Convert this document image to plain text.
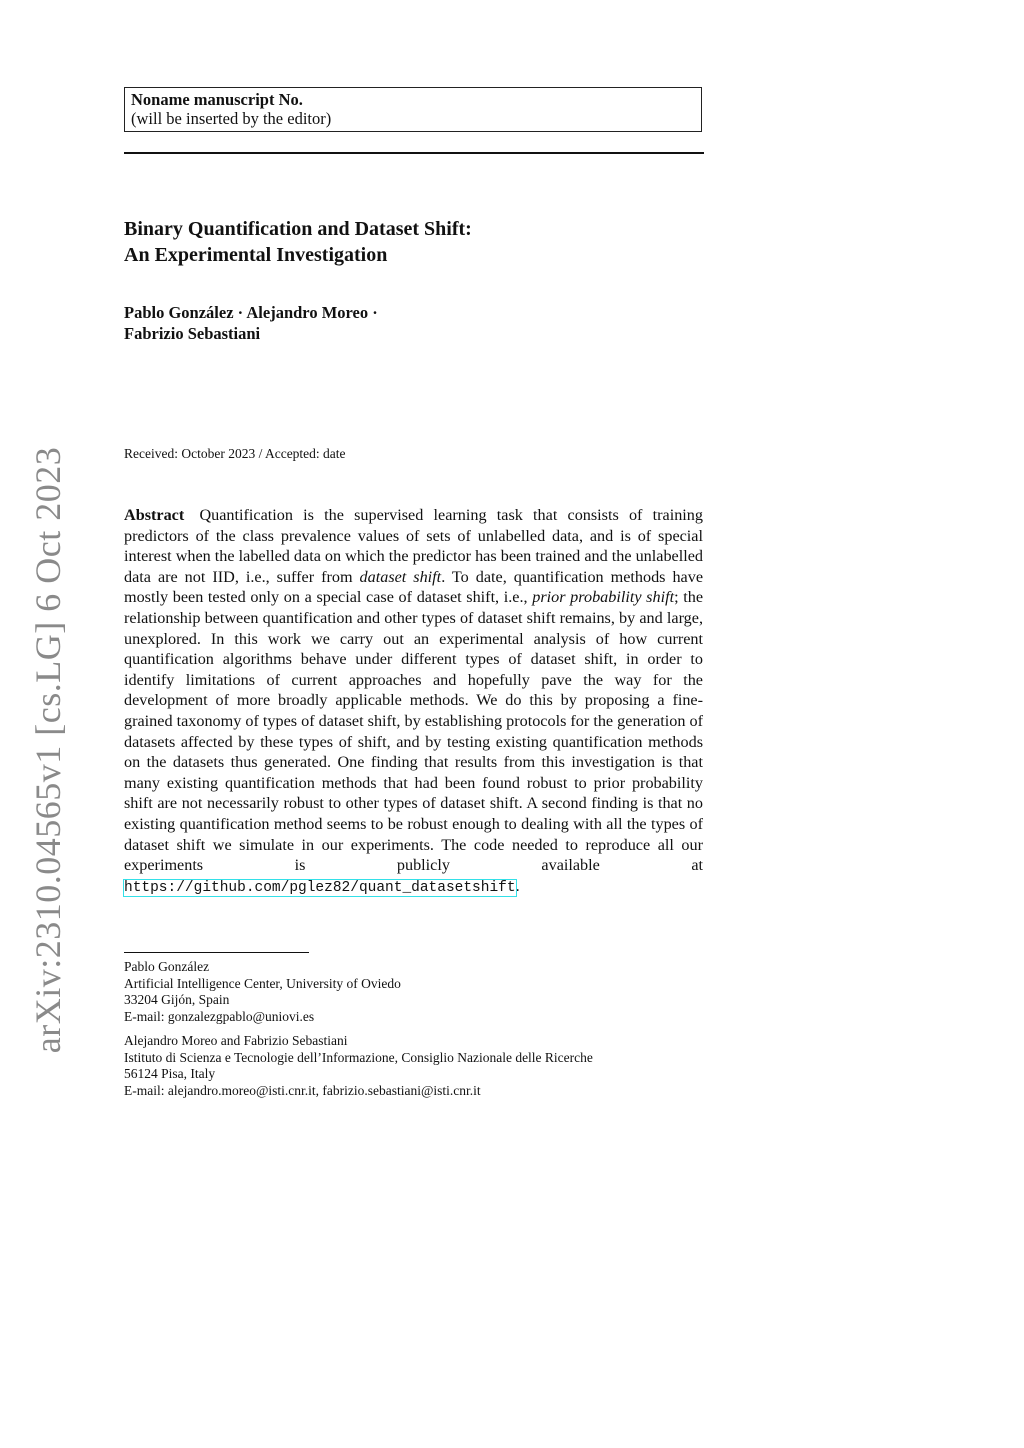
arXiv:2310.04565v1 [cs.LG] 6 Oct 2023
Noname manuscript No.
(will be inserted by the editor)
Binary Quantification and Dataset Shift:
An Experimental Investigation
Pablo González · Alejandro Moreo ·
Fabrizio Sebastiani
Received: October 2023 / Accepted: date
Abstract Quantification is the supervised learning task that consists of training predictors of the class prevalence values of sets of unlabelled data, and is of special interest when the labelled data on which the predictor has been trained and the unlabelled data are not IID, i.e., suffer from dataset shift. To date, quantification methods have mostly been tested only on a special case of dataset shift, i.e., prior probability shift; the relationship between quantification and other types of dataset shift remains, by and large, unexplored. In this work we carry out an experimental analysis of how current quantification algorithms behave under different types of dataset shift, in order to identify limitations of current approaches and hopefully pave the way for the development of more broadly applicable methods. We do this by proposing a fine-grained taxonomy of types of dataset shift, by establishing protocols for the generation of datasets affected by these types of shift, and by testing existing quantification methods on the datasets thus generated. One finding that results from this investigation is that many existing quantification methods that had been found robust to prior probability shift are not necessarily robust to other types of dataset shift. A second finding is that no existing quantification method seems to be robust enough to dealing with all the types of dataset shift we simulate in our experiments. The code needed to reproduce all our experiments is publicly available at https://github.com/pglez82/quant_datasetshift.
Pablo González
Artificial Intelligence Center, University of Oviedo
33204 Gijón, Spain
E-mail: gonzalezgpablo@uniovi.es
Alejandro Moreo and Fabrizio Sebastiani
Istituto di Scienza e Tecnologie dell’Informazione, Consiglio Nazionale delle Ricerche
56124 Pisa, Italy
E-mail: alejandro.moreo@isti.cnr.it, fabrizio.sebastiani@isti.cnr.it
